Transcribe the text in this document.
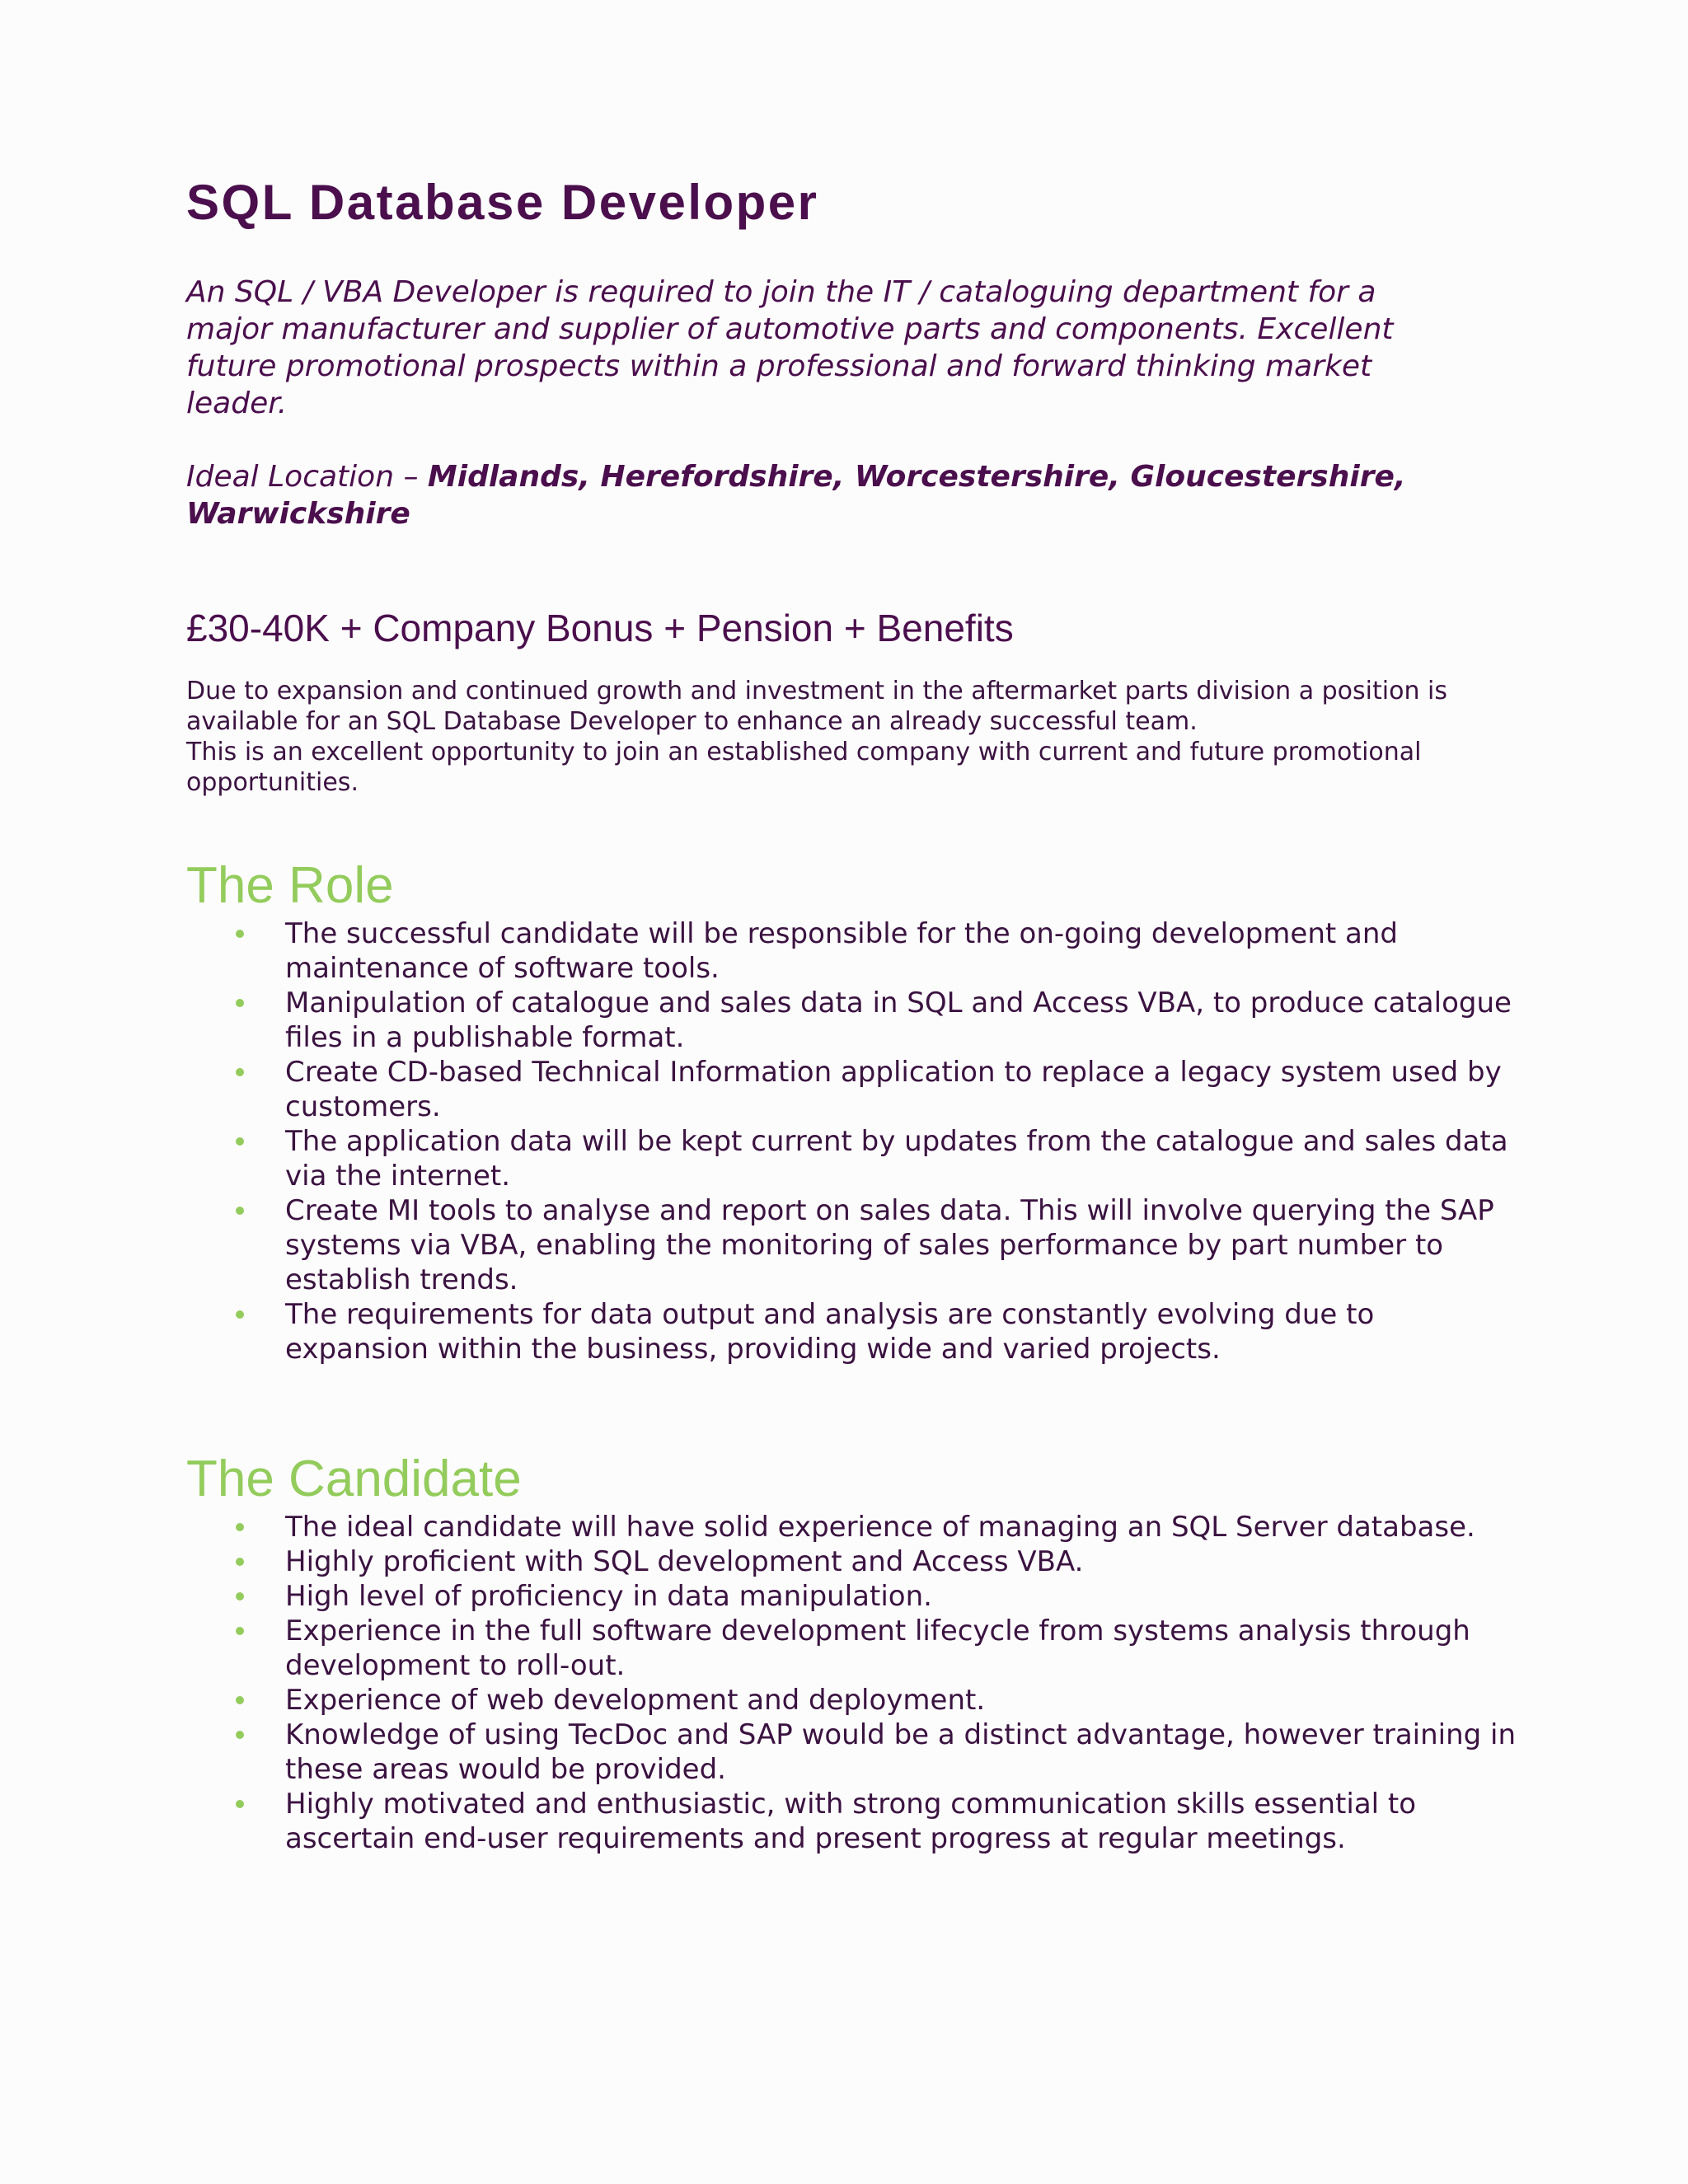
SQL Database Developer
An SQL / VBA Developer is required to join the IT / cataloguing department for a major manufacturer and supplier of automotive parts and components. Excellent future promotional prospects within a professional and forward thinking market leader.
Ideal Location – Midlands, Herefordshire, Worcestershire, Gloucestershire, Warwickshire
£30-40K + Company Bonus + Pension + Benefits

Due to expansion and continued growth and investment in the aftermarket parts division a position is available for an SQL Database Developer to enhance an already successful team.

This is an excellent opportunity to join an established company with current and future promotional opportunities.

The Role
The successful candidate will be responsible for the on-going development and maintenance of software tools.
Manipulation of catalogue and sales data in SQL and Access VBA, to produce catalogue files in a publishable format.
Create CD-based Technical Information application to replace a legacy system used by customers.
The application data will be kept current by updates from the catalogue and sales data via the internet.
Create MI tools to analyse and report on sales data. This will involve querying the SAP systems via VBA, enabling the monitoring of sales performance by part number to establish trends.
The requirements for data output and analysis are constantly evolving due to expansion within the business, providing wide and varied projects.
The Candidate
The ideal candidate will have solid experience of managing an SQL Server database.
Highly proficient with SQL development and Access VBA.
High level of proficiency in data manipulation.
Experience in the full software development lifecycle from systems analysis through development to roll-out.
Experience of web development and deployment.
Knowledge of using TecDoc and SAP would be a distinct advantage, however training in these areas would be provided.
Highly motivated and enthusiastic, with strong communication skills essential to ascertain end-user requirements and present progress at regular meetings.
